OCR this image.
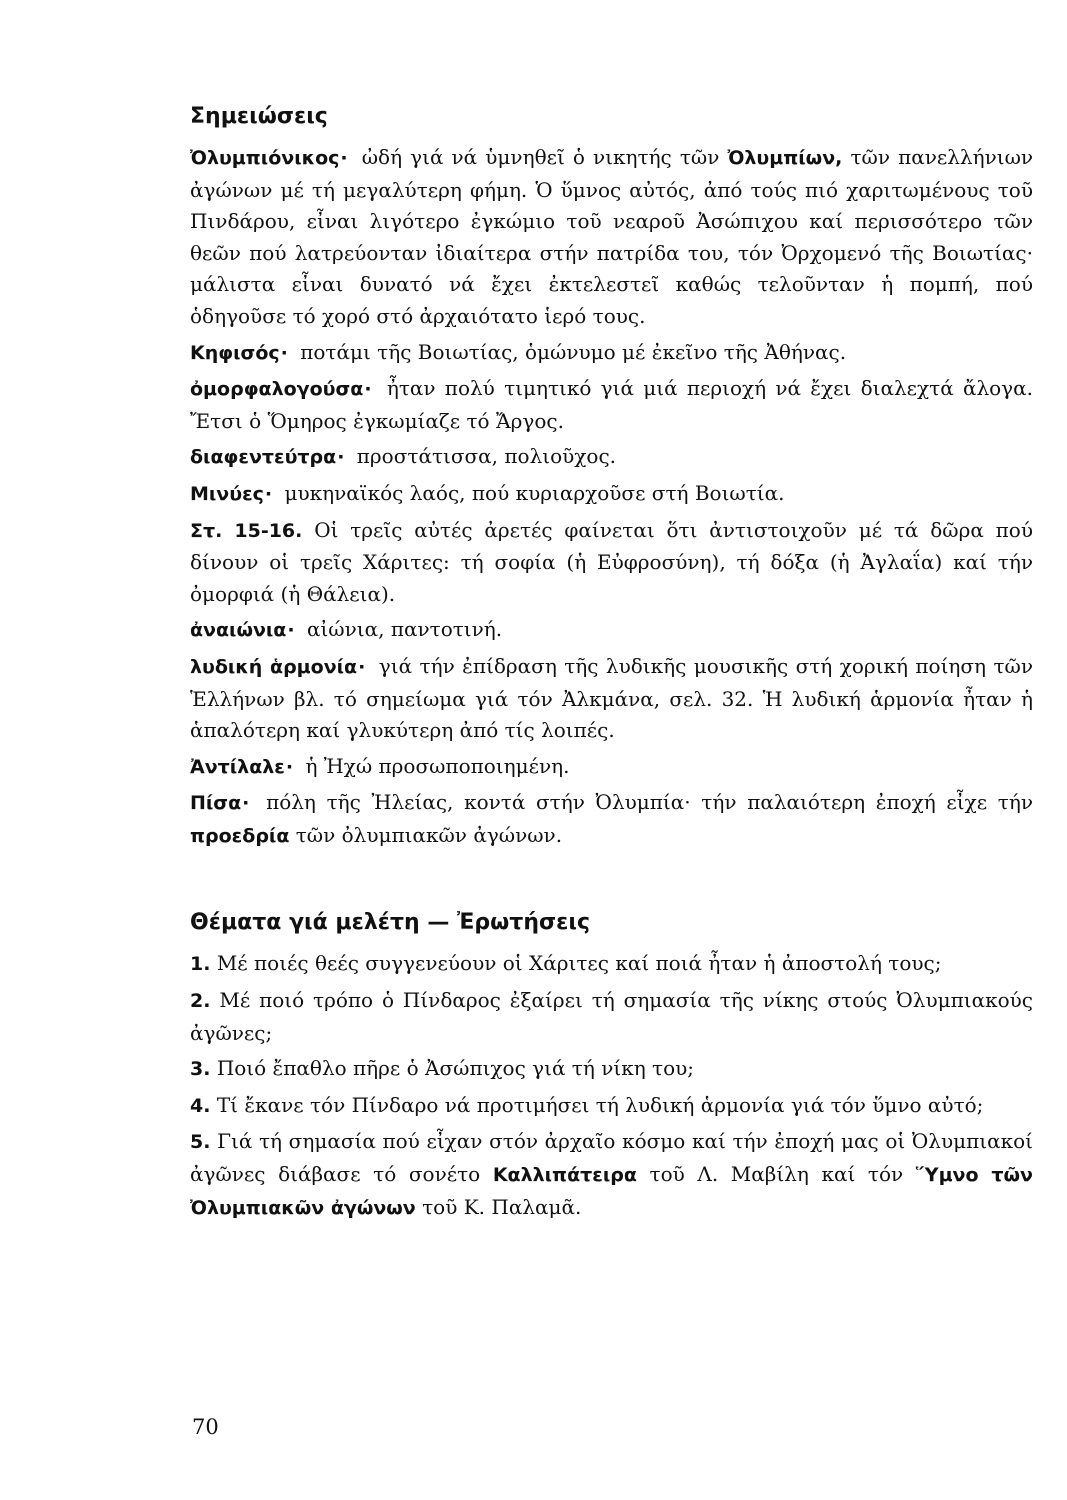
Σημειώσεις

Ὀλυμπιόνικος· ὠδή γιά νά ὑμνηθεῖ ὁ νικητής τῶν Ὀλυμπίων, τῶν πανελλήνιων ἀγώνων μέ τή μεγαλύτερη φήμη. Ὁ ὕμνος αὐτός, ἀπό τούς πιό χαριτωμένους τοῦ Πινδάρου, εἶναι λιγότερο ἐγκώμιο τοῦ νεαροῦ Ἀσώπιχου καί περισσότερο τῶν θεῶν πού λατρεύονταν ἰδιαίτερα στήν πατρίδα του, τόν Ὀρχομενό τῆς Βοιωτίας· μάλιστα εἶναι δυνατό νά ἔχει ἐκτελεστεῖ καθώς τελοῦνταν ἡ πομπή, πού ὁδηγοῦσε τό χορό στό ἀρχαιότατο ἱερό τους.

Κηφισός· ποτάμι τῆς Βοιωτίας, ὁμώνυμο μέ ἐκεῖνο τῆς Ἀθήνας.

ὀμορφαλογούσα· ἦταν πολύ τιμητικό γιά μιά περιοχή νά ἔχει διαλεχτά ἄλογα. Ἔτσι ὁ Ὅμηρος ἐγκωμίαζε τό Ἄργος.

διαφεντεύτρα· προστάτισσα, πολιοῦχος.

Μινύες· μυκηναϊκός λαός, πού κυριαρχοῦσε στή Βοιωτία.

Στ. 15-16. Οἱ τρεῖς αὐτές ἀρετές φαίνεται ὅτι ἀντιστοιχοῦν μέ τά δῶρα πού δίνουν οἱ τρεῖς Χάριτες: τή σοφία (ἡ Εὐφροσύνη), τή δόξα (ἡ Ἀγλαΐα) καί τήν ὀμορφιά (ἡ Θάλεια).

ἀναιώνια· αἰώνια, παντοτινή.

λυδική ἁρμονία· γιά τήν ἐπίδραση τῆς λυδικῆς μουσικῆς στή χορική ποίηση τῶν Ἑλλήνων βλ. τό σημείωμα γιά τόν Ἀλκμάνα, σελ. 32. Ἡ λυδική ἁρμονία ἦταν ἡ ἁπαλότερη καί γλυκύτερη ἀπό τίς λοιπές.

Ἀντίλαλε· ἡ Ἠχώ προσωποποιημένη.

Πίσα· πόλη τῆς Ἠλείας, κοντά στήν Ὀλυμπία· τήν παλαιότερη ἐποχή εἶχε τήν προεδρία τῶν ὀλυμπιακῶν ἀγώνων.

Θέματα γιά μελέτη — Ἐρωτήσεις

1. Μέ ποιές θεές συγγενεύουν οἱ Χάριτες καί ποιά ἦταν ἡ ἀποστολή τους;

2. Μέ ποιό τρόπο ὁ Πίνδαρος ἐξαίρει τή σημασία τῆς νίκης στούς Ὀλυμπιακούς ἀγῶνες;

3. Ποιό ἔπαθλο πῆρε ὁ Ἀσώπιχος γιά τή νίκη του;

4. Τί ἔκανε τόν Πίνδαρο νά προτιμήσει τή λυδική ἁρμονία γιά τόν ὕμνο αὐτό;

5. Γιά τή σημασία πού εἶχαν στόν ἀρχαῖο κόσμο καί τήν ἐποχή μας οἱ Ὀλυμπιακοί ἀγῶνες διάβασε τό σονέτο Καλλιπάτειρα τοῦ Λ. Μαβίλη καί τόν Ὕμνο τῶν Ὀλυμπιακῶν ἀγώνων τοῦ Κ. Παλαμᾶ.

70
